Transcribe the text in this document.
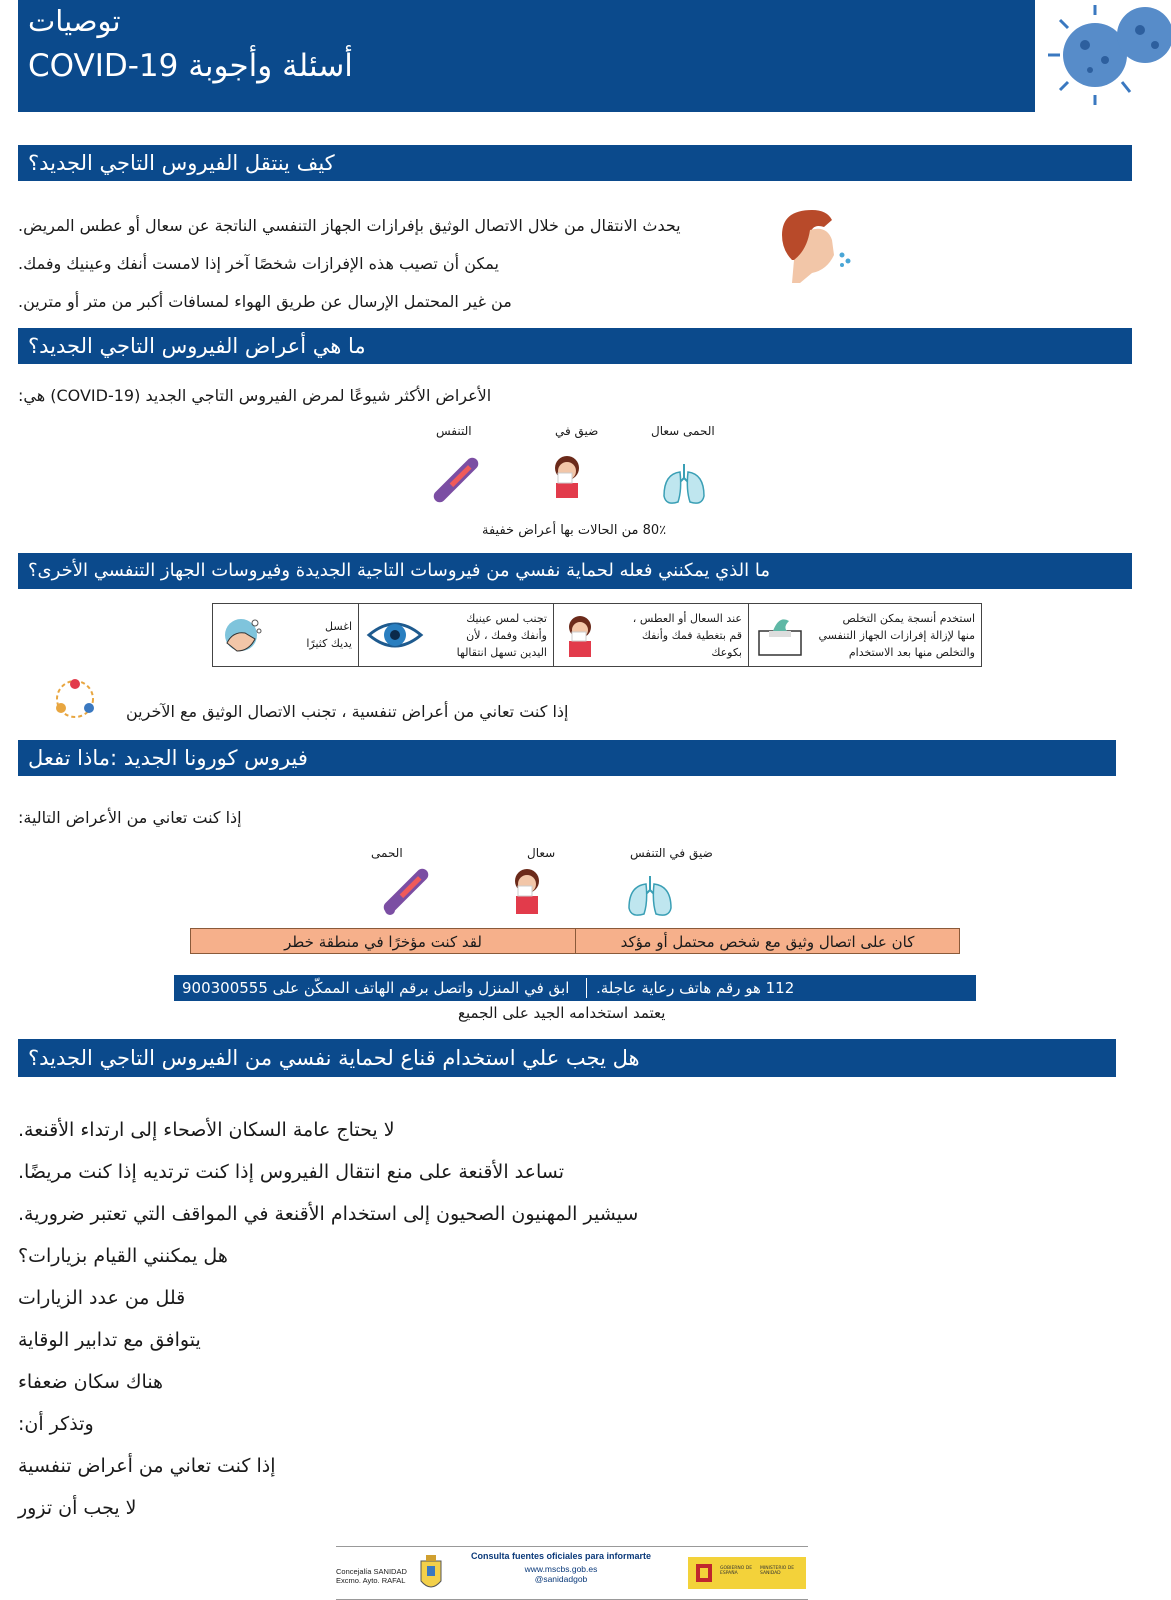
توصيات
COVID-19 أسئلة وأجوبة
كيف ينتقل الفيروس التاجي الجديد؟
يحدث الانتقال من خلال الاتصال الوثيق بإفرازات الجهاز التنفسي الناتجة عن سعال أو عطس المريض.
يمكن أن تصيب هذه الإفرازات شخصًا آخر إذا لامست أنفك وعينيك وفمك.
من غير المحتمل الإرسال عن طريق الهواء لمسافات أكبر من متر أو مترين.
ما هي أعراض الفيروس التاجي الجديد؟
الأعراض الأكثر شيوعًا لمرض الفيروس التاجي الجديد (COVID-19) هي:
الحمى سعال
ضيق في
التنفس
80٪ من الحالات بها أعراض خفيفة
ما الذي يمكنني فعله لحماية نفسي من فيروسات التاجية الجديدة وفيروسات الجهاز التنفسي الأخرى؟
اغسل
يديك كثيرًا
تجنب لمس عينيك
وأنفك وفمك ، لأن
اليدين تسهل انتقالها
عند السعال أو العطس ،
قم بتغطية فمك وأنفك
بكوعك
استخدم أنسجة يمكن التخلص
منها لإزالة إفرازات الجهاز التنفسي
والتخلص منها بعد الاستخدام
إذا كنت تعاني من أعراض تنفسية ، تجنب الاتصال الوثيق مع الآخرين
فيروس كورونا الجديد :ماذا تفعل
إذا كنت تعاني من الأعراض التالية:
ضيق في التنفس
سعال
الحمى
لقد كنت مؤخرًا في منطقة خطر	كان على اتصال وثيق مع شخص محتمل أو مؤكد
ابق في المنزل واتصل برقم الهاتف الممكّن على 900300555 112 هو رقم هاتف رعاية عاجلة.
يعتمد استخدامه الجيد على الجميع
هل يجب علي استخدام قناع لحماية نفسي من الفيروس التاجي الجديد؟
لا يحتاج عامة السكان الأصحاء إلى ارتداء الأقنعة.
تساعد الأقنعة على منع انتقال الفيروس إذا كنت ترتديه إذا كنت مريضًا.
سيشير المهنيون الصحيون إلى استخدام الأقنعة في المواقف التي تعتبر ضرورية.
هل يمكنني القيام بزيارات؟
قلل من عدد الزيارات
يتوافق مع تدابير الوقاية
هناك سكان ضعفاء
وتذكر أن:
إذا كنت تعاني من أعراض تنفسية
لا يجب أن تزور
Concejalía SANIDAD
Excmo. Ayto. RAFAL
Consulta fuentes oficiales para informarte
www.mscbs.gob.es
@sanidadgob
GOBIERNO DE ESPAÑA
MINISTERIO DE SANIDAD
